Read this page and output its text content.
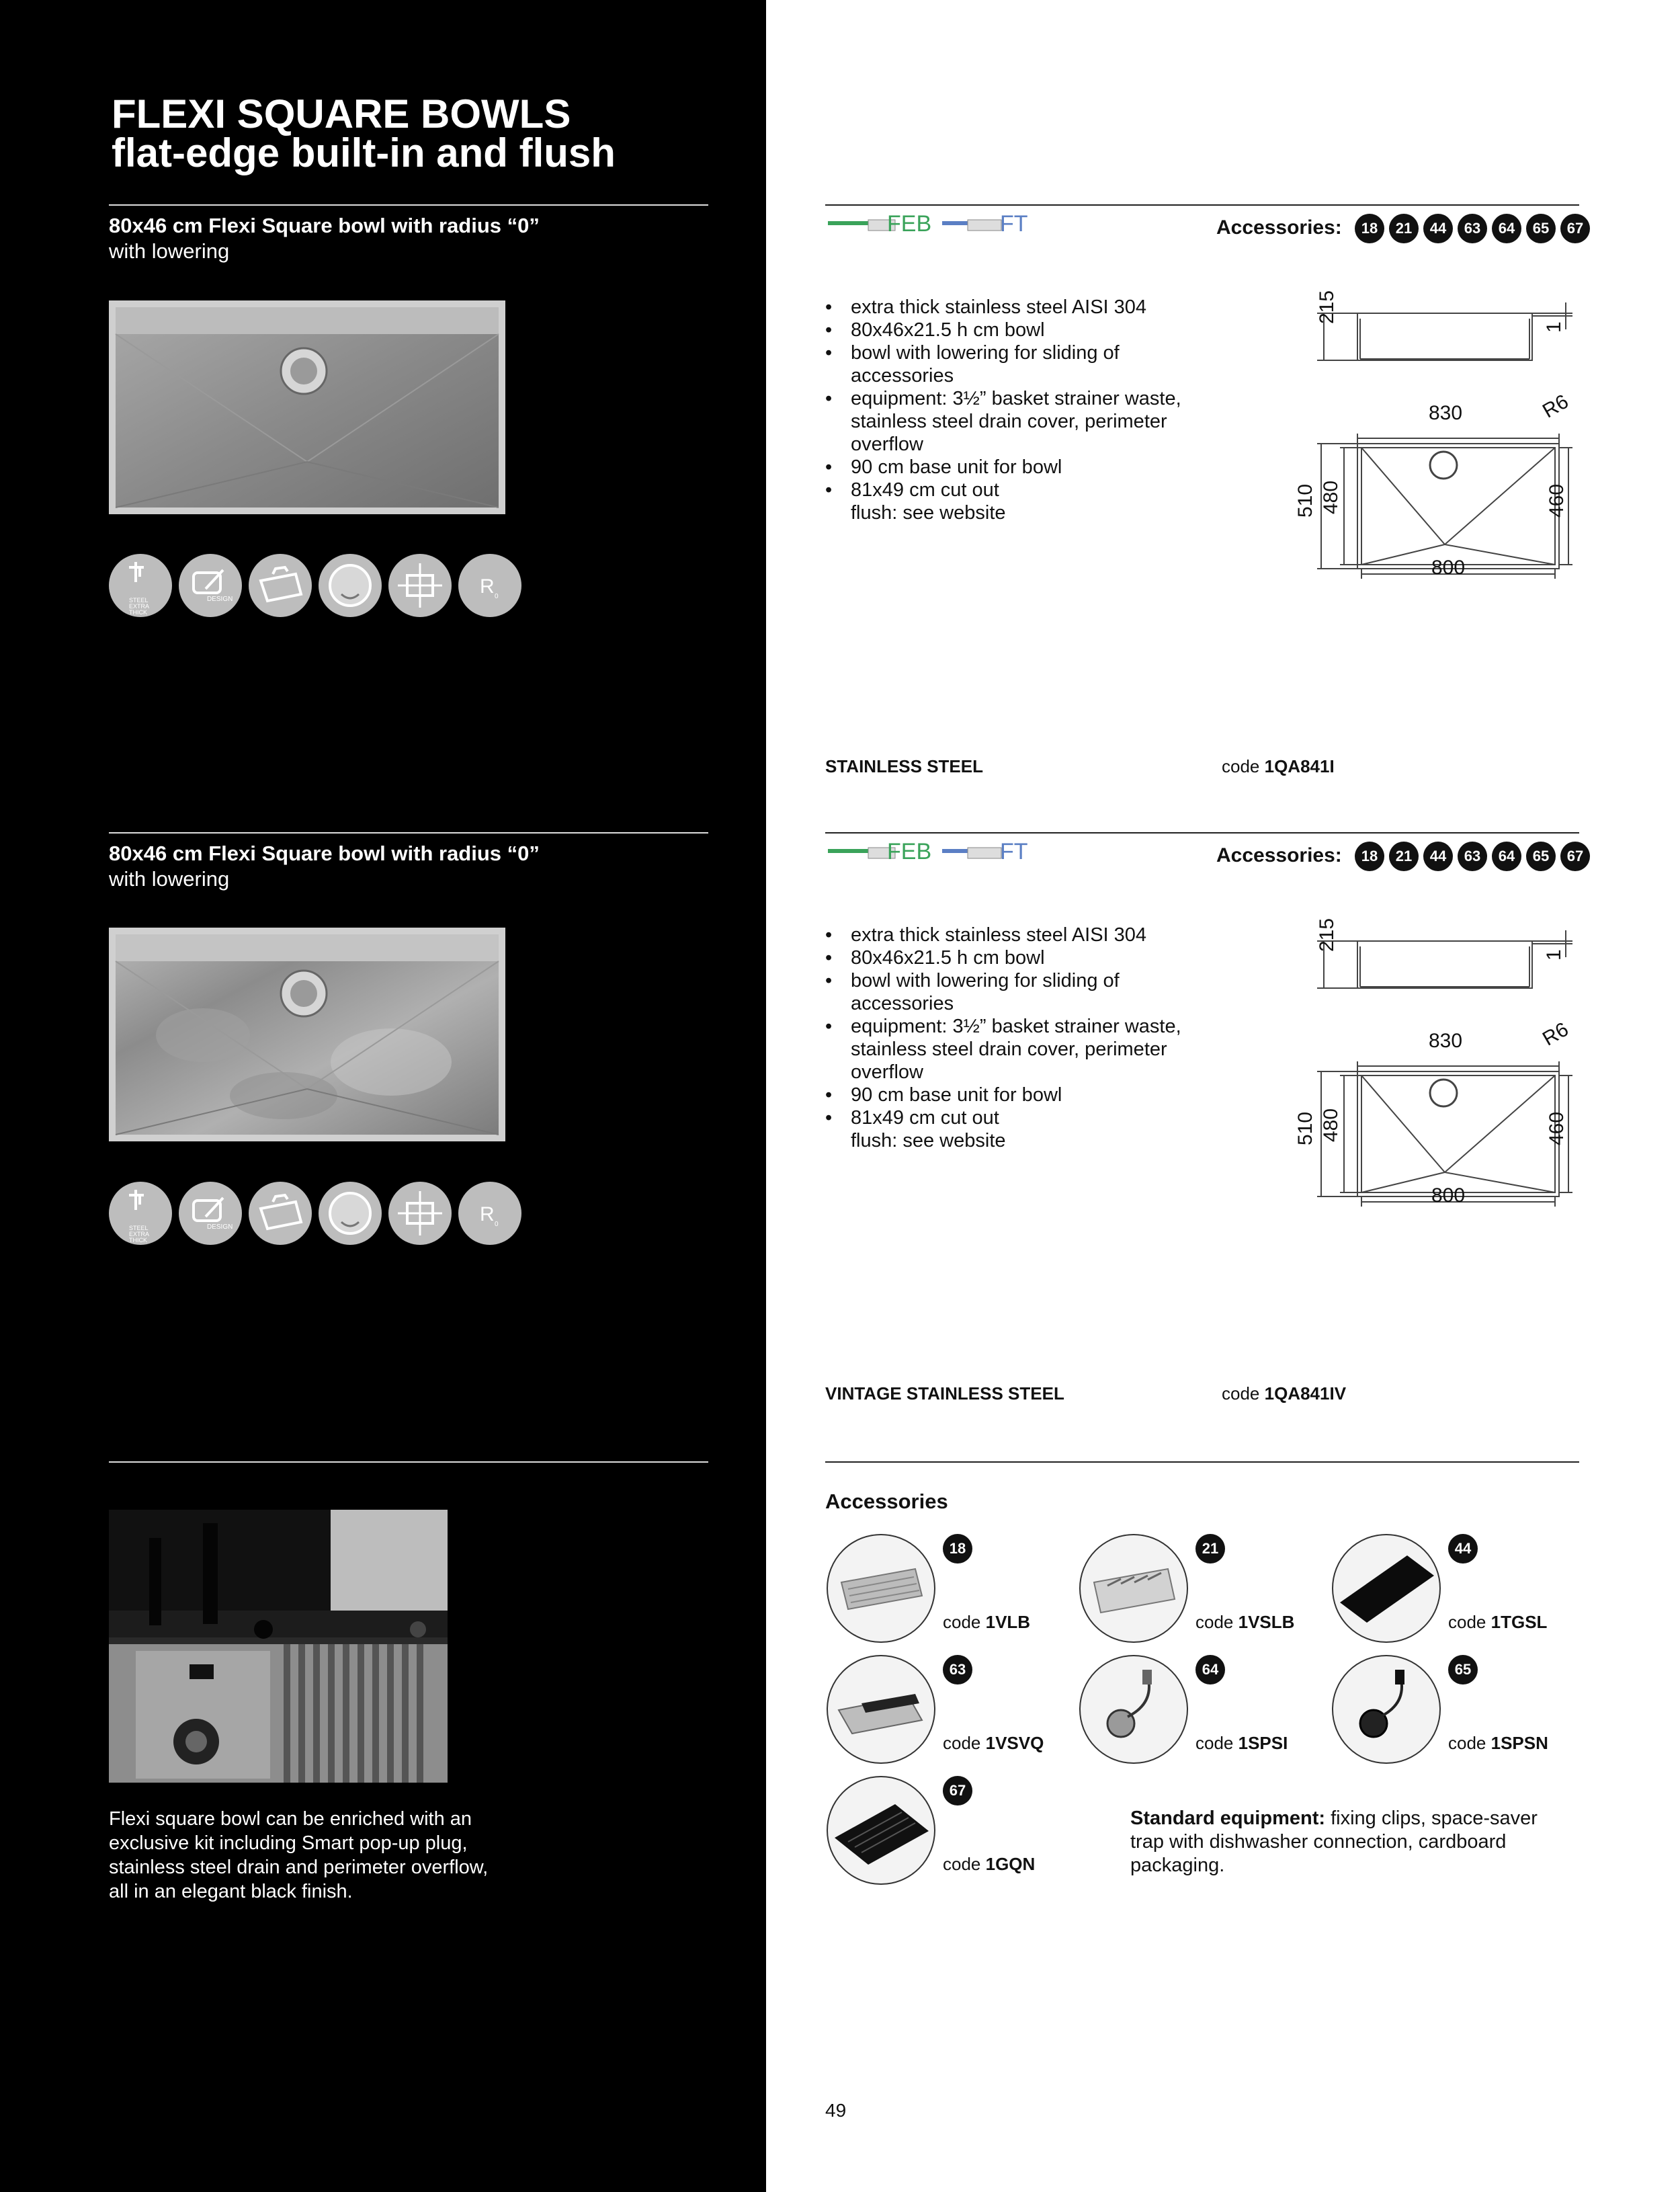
FLEXI SQUARE BOWLS
flat-edge built-in and flush
80x46 cm Flexi Square bowl with radius “0”
with lowering
STEEL
EXTRA
THICK
DESIGN
R 0
FEB	FT	Accessories:	18	21	44	63	64	65	67
• extra thick stainless steel AISI 304
• 80x46x21.5 h cm bowl
• bowl with lowering for sliding of accessories
• equipment: 3½” basket strainer waste, stainless steel drain cover, perimeter overflow
• 90 cm base unit for bowl
• 81x49 cm cut out
flush: see website
215
1
830	R6
510 480	460
800
STAINLESS STEEL	code 1QA841I
80x46 cm Flexi Square bowl with radius “0”
with lowering
STEEL
EXTRA
THICK
DESIGN
R 0
FEB	FT	Accessories:	18	21	44	63	64	65	67
• extra thick stainless steel AISI 304
• 80x46x21.5 h cm bowl
• bowl with lowering for sliding of accessories
• equipment: 3½” basket strainer waste, stainless steel drain cover, perimeter overflow
• 90 cm base unit for bowl
• 81x49 cm cut out
flush: see website
215
1
830	R6
510 480	460
800
VINTAGE STAINLESS STEEL	code 1QA841IV
Flexi square bowl can be enriched with an exclusive kit including Smart pop-up plug, stainless steel drain and perimeter overflow, all in an elegant black finish.
Accessories
18
code 1VLB
21
code 1VSLB
44
code 1TGSL
63
code 1VSVQ
64
code 1SPSI
65
code 1SPSN
67
code 1GQN
Standard equipment: fixing clips, space-saver trap with dishwasher connection, cardboard packaging.
49
